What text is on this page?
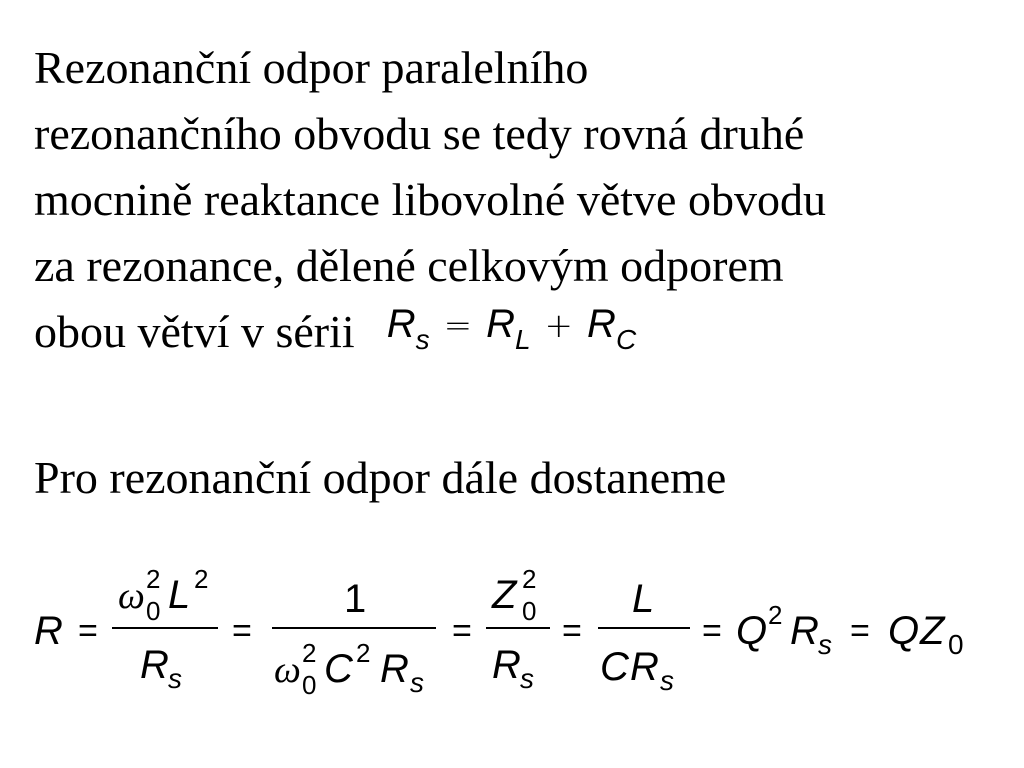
Rezonanční odpor paralelního
rezonančního obvodu se tedy rovná druhé
mocnině reaktance libovolné větve obvodu
za rezonance, dělené celkovým odporem
obou větví v sérii $R_s = R_L + R_C$

Pro rezonanční odpor dále dostaneme

R =
ω 2
0 L 2
R s
=
1
ω 2
0 C 2 R s
=
Z 2
0
R s
=
L
C R s
= Q 2 R s = Q Z 0
